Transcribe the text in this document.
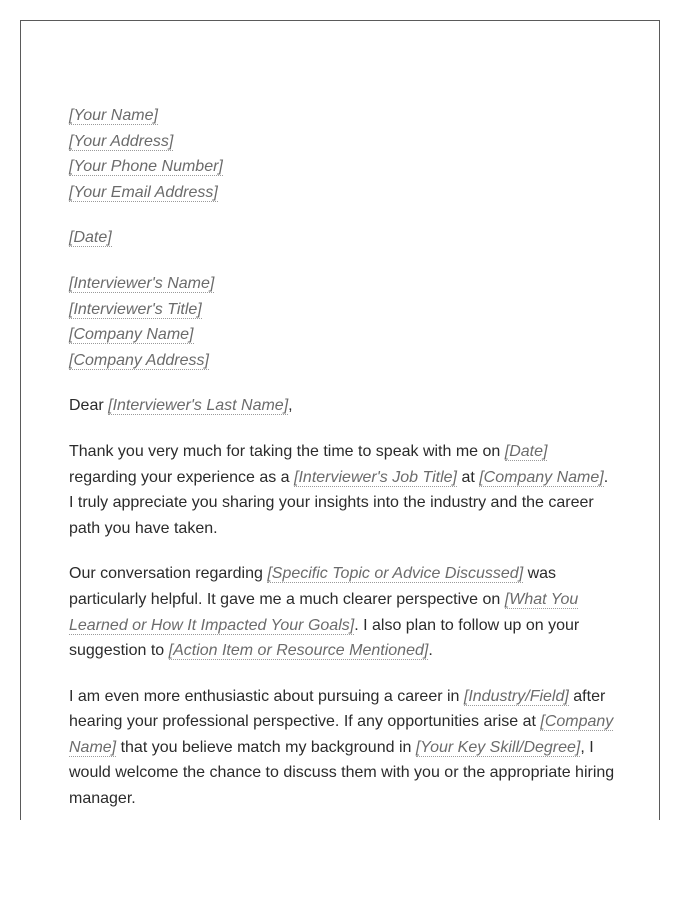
[Your Name]
[Your Address]
[Your Phone Number]
[Your Email Address]
[Date]
[Interviewer's Name]
[Interviewer's Title]
[Company Name]
[Company Address]

Dear [Interviewer's Last Name],

Thank you very much for taking the time to speak with me on [Date] regarding your experience as a [Interviewer's Job Title] at [Company Name]. I truly appreciate you sharing your insights into the industry and the career path you have taken.

Our conversation regarding [Specific Topic or Advice Discussed] was particularly helpful. It gave me a much clearer perspective on [What You Learned or How It Impacted Your Goals]. I also plan to follow up on your suggestion to [Action Item or Resource Mentioned].

I am even more enthusiastic about pursuing a career in [Industry/Field] after hearing your professional perspective. If any opportunities arise at [Company Name] that you believe match my background in [Your Key Skill/Degree], I would welcome the chance to discuss them with you or the appropriate hiring manager.
